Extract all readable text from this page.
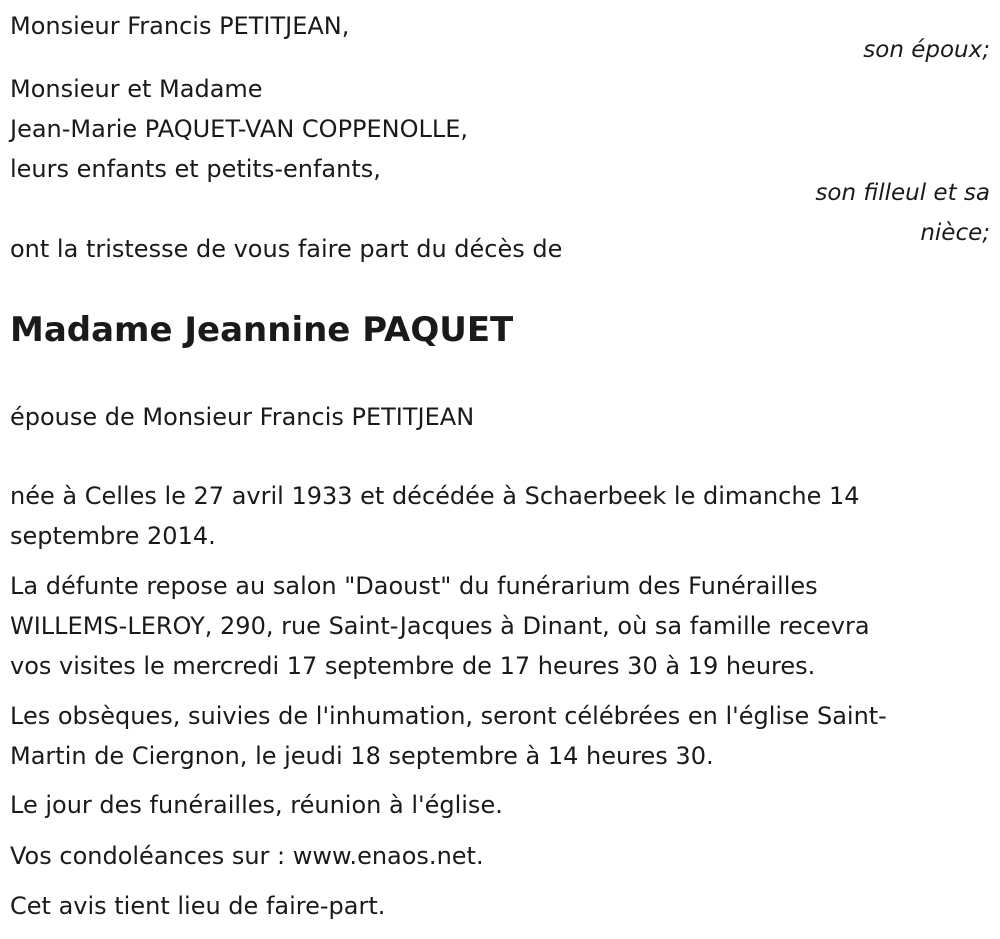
Monsieur Francis PETITJEAN,
son époux;
Monsieur et Madame
Jean-Marie PAQUET-VAN COPPENOLLE,
leurs enfants et petits-enfants,
son filleul et sa
nièce;
ont la tristesse de vous faire part du décès de
Madame Jeannine PAQUET
épouse de Monsieur Francis PETITJEAN
née à Celles le 27 avril 1933 et décédée à Schaerbeek le dimanche 14
septembre 2014.
La défunte repose au salon "Daoust" du funérarium des Funérailles
WILLEMS-LEROY, 290, rue Saint-Jacques à Dinant, où sa famille recevra
vos visites le mercredi 17 septembre de 17 heures 30 à 19 heures.
Les obsèques, suivies de l'inhumation, seront célébrées en l'église Saint-
Martin de Ciergnon, le jeudi 18 septembre à 14 heures 30.
Le jour des funérailles, réunion à l'église.
Vos condoléances sur : www.enaos.net.
Cet avis tient lieu de faire-part.
